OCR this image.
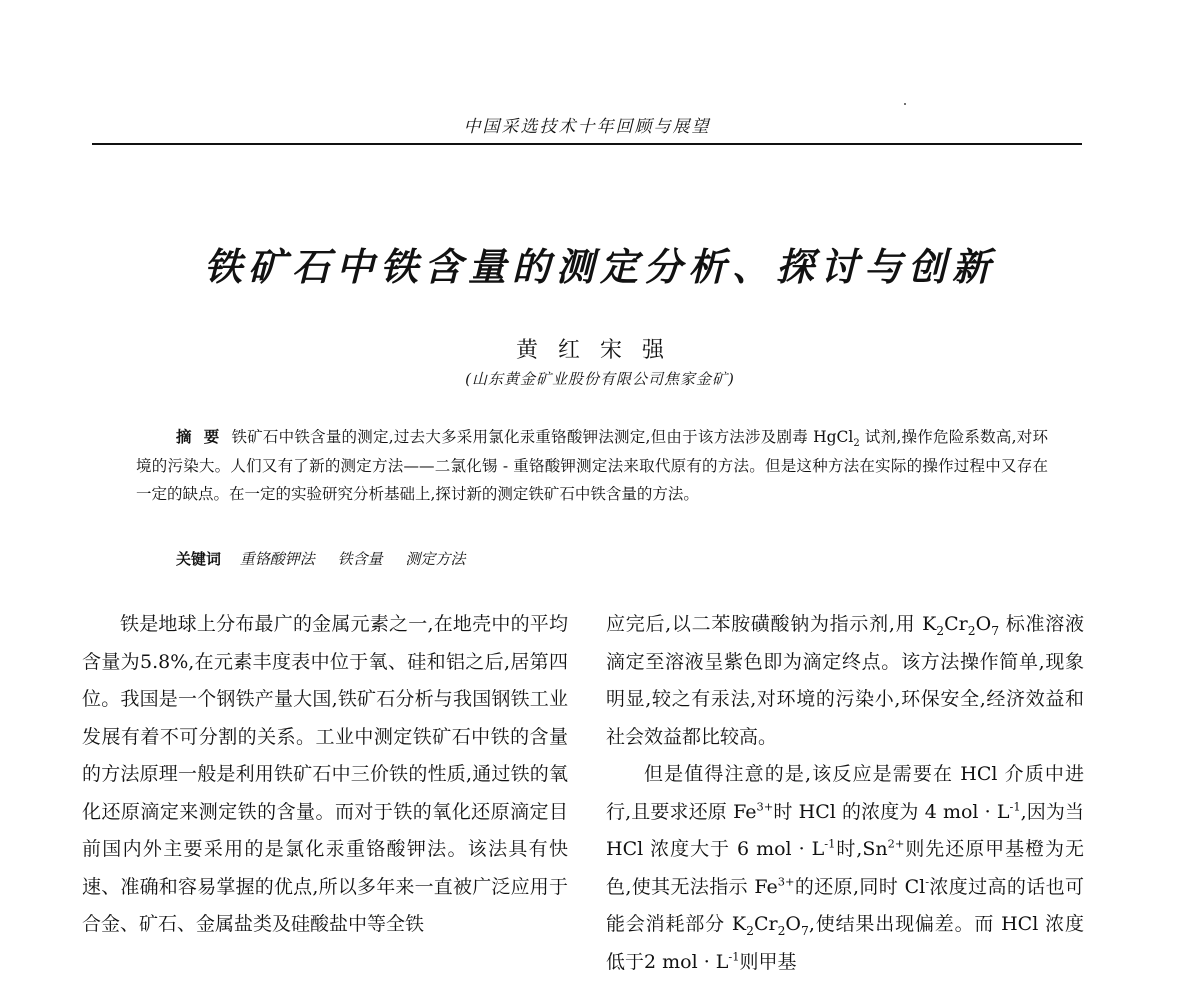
中国采选技术十年回顾与展望
铁矿石中铁含量的测定分析、探讨与创新
黄红宋强
(山东黄金矿业股份有限公司焦家金矿)
摘要铁矿石中铁含量的测定,过去大多采用氯化汞重铬酸钾法测定,但由于该方法涉及剧毒 HgCl$_2$ 试剂,操作危险系数高,对环境的污染大。人们又有了新的测定方法——二氯化锡 - 重铬酸钾测定法来取代原有的方法。但是这种方法在实际的操作过程中又存在一定的缺点。在一定的实验研究分析基础上,探讨新的测定铁矿石中铁含量的方法。
关键词 重铬酸钾法 铁含量 测定方法

铁是地球上分布最广的金属元素之一,在地壳中的平均含量为5.8%,在元素丰度表中位于氧、硅和铝之后,居第四位。我国是一个钢铁产量大国,铁矿石分析与我国钢铁工业发展有着不可分割的关系。工业中测定铁矿石中铁的含量的方法原理一般是利用铁矿石中三价铁的性质,通过铁的氧化还原滴定来测定铁的含量。而对于铁的氧化还原滴定目前国内外主要采用的是氯化汞重铬酸钾法。该法具有快速、准确和容易掌握的优点,所以多年来一直被广泛应用于合金、矿石、金属盐类及硅酸盐中等全铁

应完后,以二苯胺磺酸钠为指示剂,用 $K_2Cr_2O_7$ 标准溶液滴定至溶液呈紫色即为滴定终点。该方法操作简单,现象明显,较之有汞法,对环境的污染小,环保安全,经济效益和社会效益都比较高。

但是值得注意的是,该反应是需要在 HCl 介质中进行,且要求还原 $Fe^{3+}$时 HCl 的浓度为 4 mol · $L^{-1}$,因为当 HCl 浓度大于 6 mol · $L^{-1}$时$,Sn^{2+}$则先还原甲基橙为无色,使其无法指示 $Fe^{3+}$的还原,同时 Cl-浓度过高的话也可能会消耗部分 $K_2Cr_2O_7$,使结果出现偏差。而 HCl 浓度低于2 mol · $L^{-1}$则甲基
